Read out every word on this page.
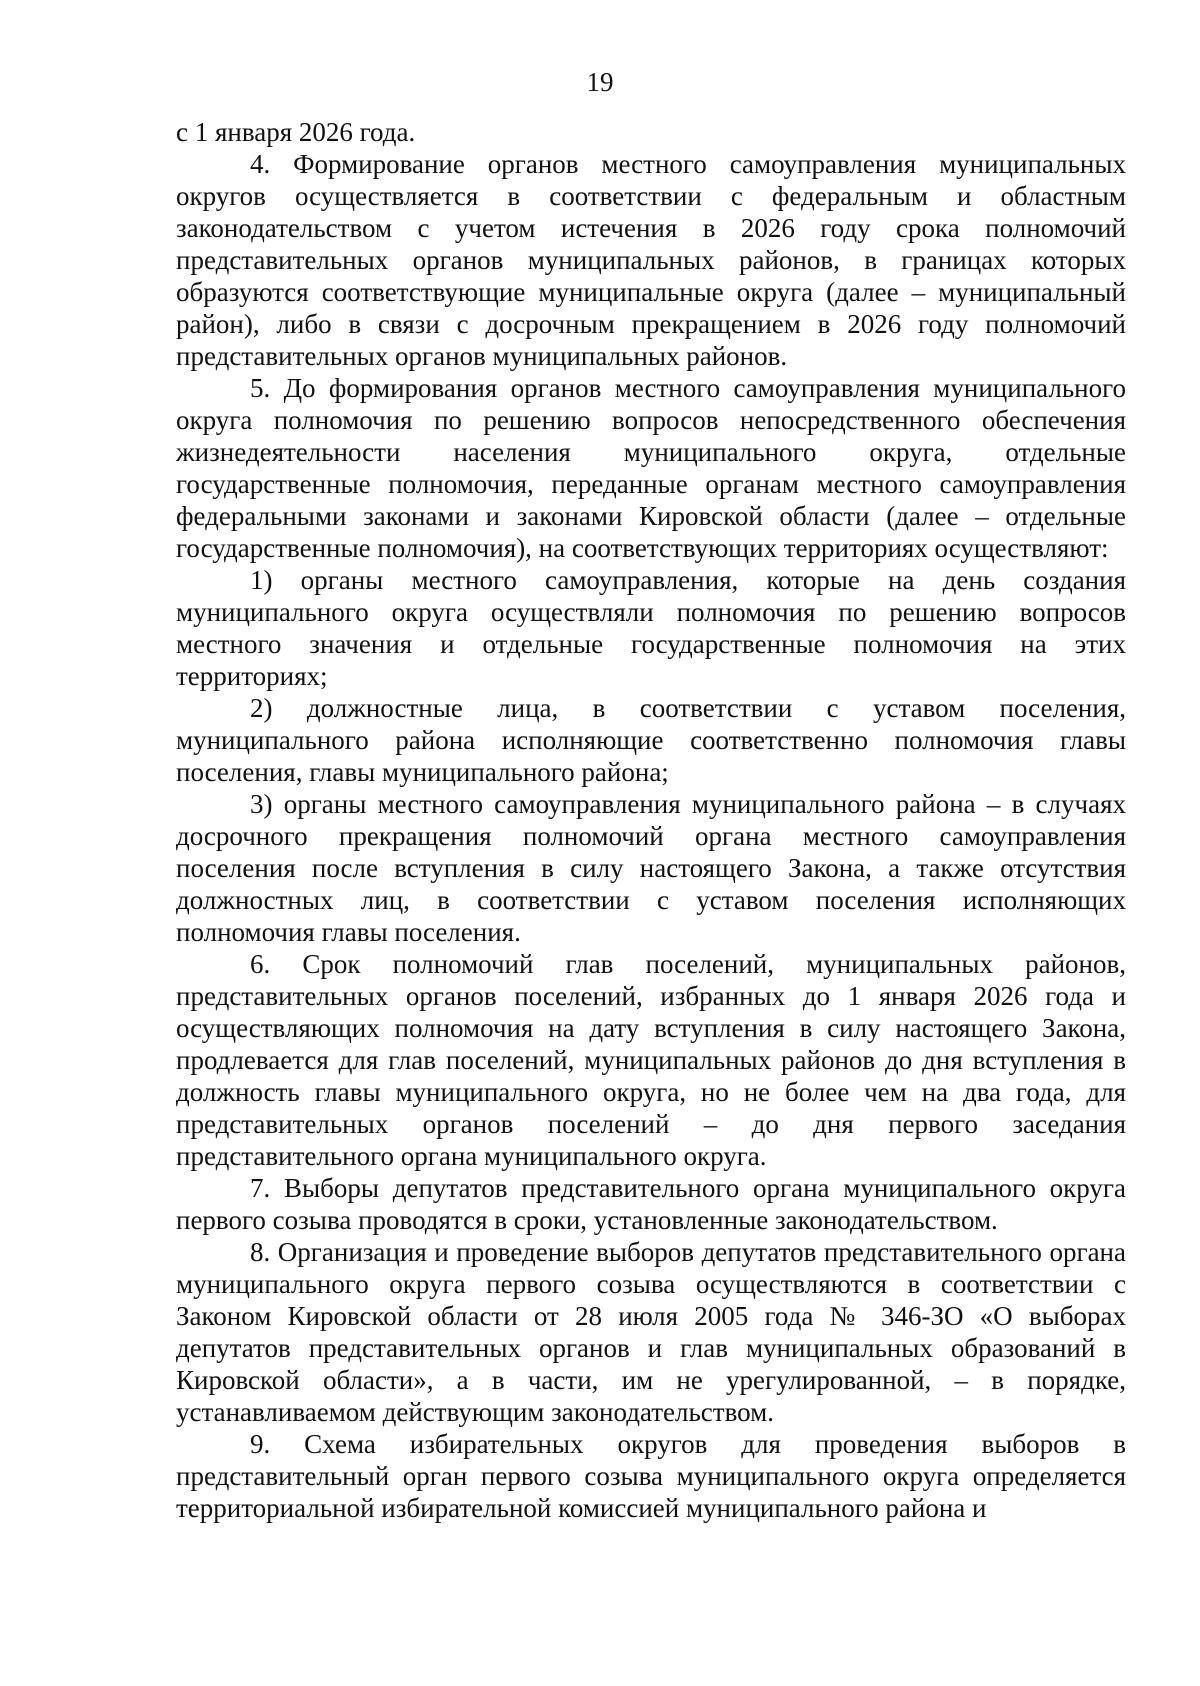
19

с 1 января 2026 года.

4. Формирование органов местного самоуправления муниципальных округов осуществляется в соответствии с федеральным и областным законодательством с учетом истечения в 2026 году срока полномочий представительных органов муниципальных районов, в границах которых образуются соответствующие муниципальные округа (далее – муниципальный район), либо в связи с досрочным прекращением в 2026 году полномочий представительных органов муниципальных районов.

5. До формирования органов местного самоуправления муниципального округа полномочия по решению вопросов непосредственного обеспечения жизнедеятельности населения муниципального округа, отдельные государственные полномочия, переданные органам местного самоуправления федеральными законами и законами Кировской области (далее – отдельные государственные полномочия), на соответствующих территориях осуществляют:

1) органы местного самоуправления, которые на день создания муниципального округа осуществляли полномочия по решению вопросов местного значения и отдельные государственные полномочия на этих территориях;

2) должностные лица, в соответствии с уставом поселения, муниципального района исполняющие соответственно полномочия главы поселения, главы муниципального района;

3) органы местного самоуправления муниципального района – в случаях досрочного прекращения полномочий органа местного самоуправления поселения после вступления в силу настоящего Закона, а также отсутствия должностных лиц, в соответствии с уставом поселения исполняющих полномочия главы поселения.

6. Срок полномочий глав поселений, муниципальных районов, представительных органов поселений, избранных до 1 января 2026 года и осуществляющих полномочия на дату вступления в силу настоящего Закона, продлевается для глав поселений, муниципальных районов до дня вступления в должность главы муниципального округа, но не более чем на два года, для представительных органов поселений – до дня первого заседания представительного органа муниципального округа.

7. Выборы депутатов представительного органа муниципального округа первого созыва проводятся в сроки, установленные законодательством.

8. Организация и проведение выборов депутатов представительного органа муниципального округа первого созыва осуществляются в соответствии с Законом Кировской области от 28 июля 2005 года № 346-ЗО «О выборах депутатов представительных органов и глав муниципальных образований в Кировской области», а в части, им не урегулированной, – в порядке, устанавливаемом действующим законодательством.

9. Схема избирательных округов для проведения выборов в представительный орган первого созыва муниципального округа определяется территориальной избирательной комиссией муниципального района и
